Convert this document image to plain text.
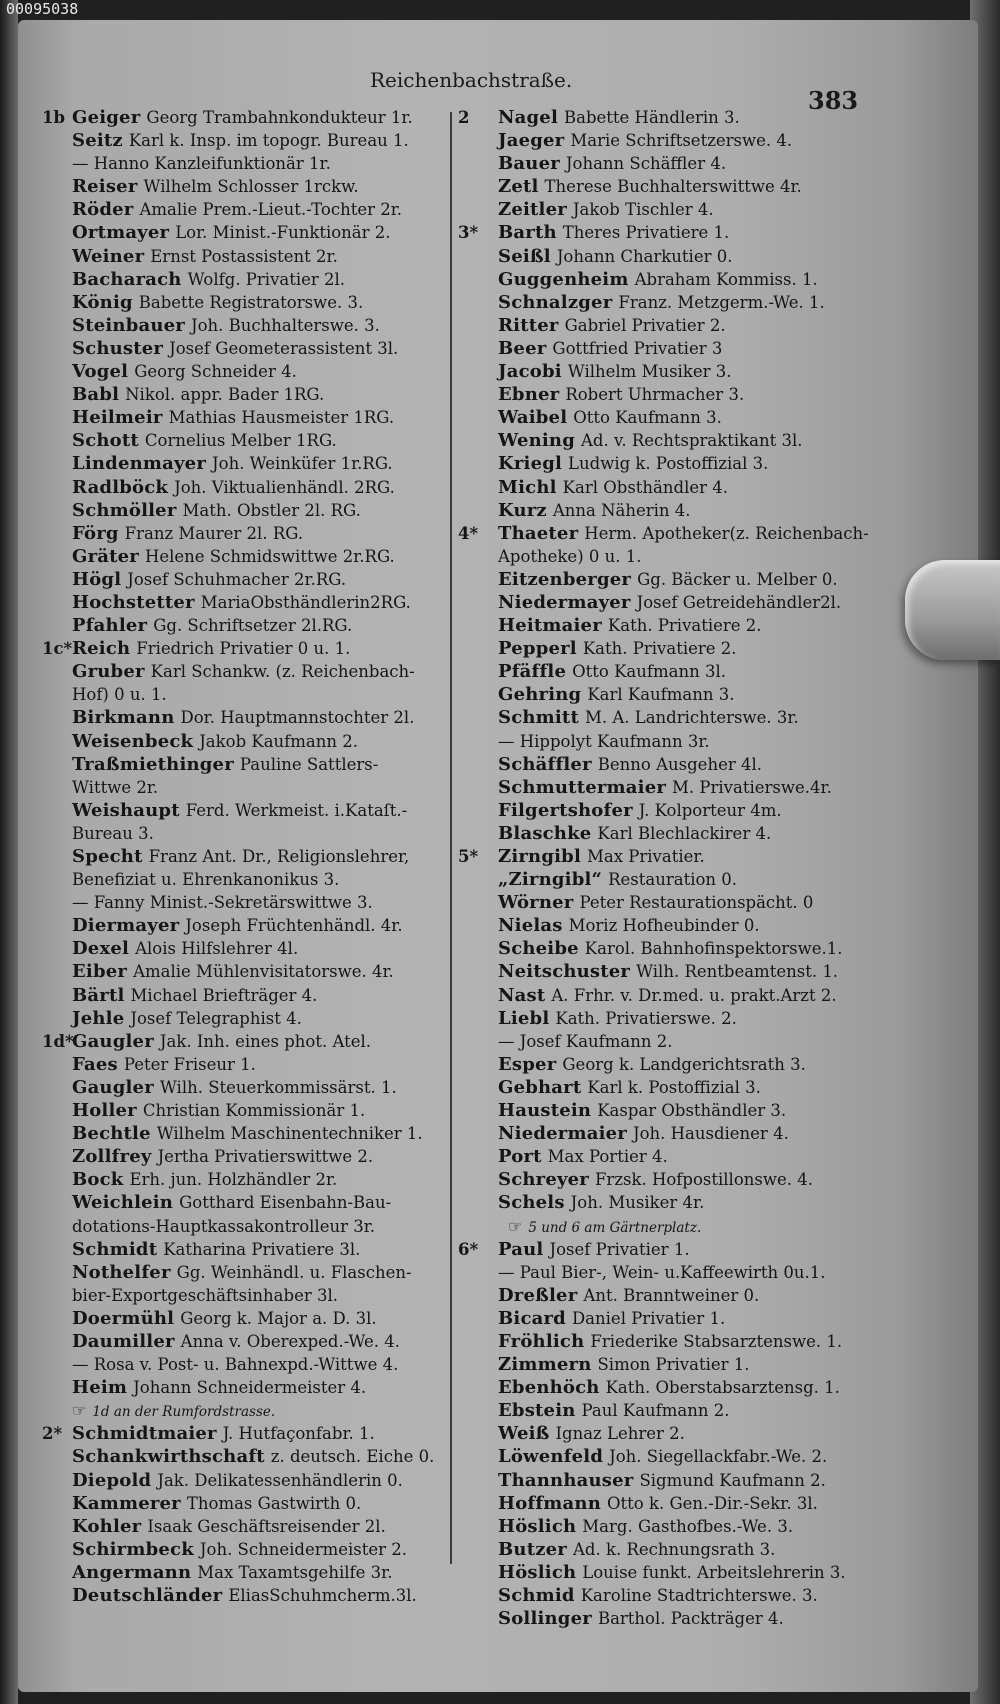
00095038
Reichenbachstraße.
383
1b Geiger Georg Trambahnkondukteur 1r.
Seitz Karl k. Insp. im topogr. Bureau 1.
— Hanno Kanzleifunktionär 1r.
Reiser Wilhelm Schlosser 1rckw.
Röder Amalie Prem.-Lieut.-Tochter 2r.
Ortmayer Lor. Minist.-Funktionär 2.
Weiner Ernst Postassistent 2r.
Bacharach Wolfg. Privatier 2l.
König Babette Registratorswe. 3.
Steinbauer Joh. Buchhalterswe. 3.
Schuster Josef Geometerassistent 3l.
Vogel Georg Schneider 4.
Babl Nikol. appr. Bader 1RG.
Heilmeir Mathias Hausmeister 1RG.
Schott Cornelius Melber 1RG.
Lindenmayer Joh. Weinküfer 1r.RG.
Radlböck Joh. Viktualienhändl. 2RG.
Schmöller Math. Obstler 2l. RG.
Förg Franz Maurer 2l. RG.
Gräter Helene Schmidswittwe 2r.RG.
Högl Josef Schuhmacher 2r.RG.
Hochstetter MariaObsthändlerin2RG.
Pfahler Gg. Schriftsetzer 2l.RG.
1c*Reich Friedrich Privatier 0 u. 1.
Gruber Karl Schankw. (z. Reichenbach-
Hof) 0 u. 1.
Birkmann Dor. Hauptmannstochter 2l.
Weisenbeck Jakob Kaufmann 2.
Traßmiethinger Pauline Sattlers-
Wittwe 2r.
Weishaupt Ferd. Werkmeist. i.Kataſt.-
Bureau 3.
Specht Franz Ant. Dr., Religionslehrer,
Benefiziat u. Ehrenkanonikus 3.
— Fanny Minist.-Sekretärswittwe 3.
Diermayer Joseph Früchtenhändl. 4r.
Dexel Alois Hilfslehrer 4l.
Eiber Amalie Mühlenvisitatorswe. 4r.
Bärtl Michael Briefträger 4.
Jehle Josef Telegraphist 4.
1d*Gaugler Jak. Inh. eines phot. Atel.
Faes Peter Friseur 1.
Gaugler Wilh. Steuerkommissärst. 1.
Holler Christian Kommissionär 1.
Bechtle Wilhelm Maschinentechniker 1.
Zollfrey Jertha Privatierswittwe 2.
Bock Erh. jun. Holzhändler 2r.
Weichlein Gotthard Eisenbahn-Bau-
dotations-Hauptkassakontrolleur 3r.
Schmidt Katharina Privatiere 3l.
Nothelfer Gg. Weinhändl. u. Flaschen-
bier-Exportgeschäftsinhaber 3l.
Doermühl Georg k. Major a. D. 3l.
Daumiller Anna v. Oberexped.-We. 4.
— Rosa v. Post- u. Bahnexpd.-Wittwe 4.
Heim Johann Schneidermeister 4.
☞ 1d an der Rumfordstrasse.
2* Schmidtmaier J. Hutfaçonfabr. 1.
Schankwirthschaft z. deutsch. Eiche 0.
Diepold Jak. Delikatessenhändlerin 0.
Kammerer Thomas Gastwirth 0.
Kohler Isaak Geschäftsreisender 2l.
Schirmbeck Joh. Schneidermeister 2.
Angermann Max Taxamtsgehilfe 3r.
Deutschländer EliasSchuhmcherm.3l.
2 Nagel Babette Händlerin 3.
Jaeger Marie Schriftsetzerswe. 4.
Bauer Johann Schäffler 4.
Zetl Therese Buchhalterswittwe 4r.
Zeitler Jakob Tischler 4.
3* Barth Theres Privatiere 1.
Seißl Johann Charkutier 0.
Guggenheim Abraham Kommiss. 1.
Schnalzger Franz. Metzgerm.-We. 1.
Ritter Gabriel Privatier 2.
Beer Gottfried Privatier 3
Jacobi Wilhelm Musiker 3.
Ebner Robert Uhrmacher 3.
Waibel Otto Kaufmann 3.
Wening Ad. v. Rechtspraktikant 3l.
Kriegl Ludwig k. Postoffizial 3.
Michl Karl Obsthändler 4.
Kurz Anna Näherin 4.
4* Thaeter Herm. Apotheker(z. Reichenbach-
Apotheke) 0 u. 1.
Eitzenberger Gg. Bäcker u. Melber 0.
Niedermayer Josef Getreidehändler2l.
Heitmaier Kath. Privatiere 2.
Pepperl Kath. Privatiere 2.
Pfäffle Otto Kaufmann 3l.
Gehring Karl Kaufmann 3.
Schmitt M. A. Landrichterswe. 3r.
— Hippolyt Kaufmann 3r.
Schäffler Benno Ausgeher 4l.
Schmuttermaier M. Privatierswe.4r.
Filgertshofer J. Kolporteur 4m.
Blaschke Karl Blechlackirer 4.
5* Zirngibl Max Privatier.
„Zirngibl“ Restauration 0.
Wörner Peter Restaurationspächt. 0
Nielas Moriz Hofheubinder 0.
Scheibe Karol. Bahnhofinspektorswe.1.
Neitschuster Wilh. Rentbeamtenst. 1.
Nast A. Frhr. v. Dr.med. u. prakt.Arzt 2.
Liebl Kath. Privatierswe. 2.
— Josef Kaufmann 2.
Esper Georg k. Landgerichtsrath 3.
Gebhart Karl k. Postoffizial 3.
Haustein Kaspar Obsthändler 3.
Niedermaier Joh. Hausdiener 4.
Port Max Portier 4.
Schreyer Frzsk. Hofpostillonswe. 4.
Schels Joh. Musiker 4r.
☞ 5 und 6 am Gärtnerplatz.
6* Paul Josef Privatier 1.
— Paul Bier-, Wein- u.Kaffeewirth 0u.1.
Dreßler Ant. Branntweiner 0.
Bicard Daniel Privatier 1.
Fröhlich Friederike Stabsarztenswe. 1.
Zimmern Simon Privatier 1.
Ebenhöch Kath. Oberstabsarztensg. 1.
Ebstein Paul Kaufmann 2.
Weiß Ignaz Lehrer 2.
Löwenfeld Joh. Siegellackfabr.-We. 2.
Thannhauser Sigmund Kaufmann 2.
Hoffmann Otto k. Gen.-Dir.-Sekr. 3l.
Höslich Marg. Gasthofbes.-We. 3.
Butzer Ad. k. Rechnungsrath 3.
Höslich Louise funkt. Arbeitslehrerin 3.
Schmid Karoline Stadtrichterswe. 3.
Sollinger Barthol. Packträger 4.
